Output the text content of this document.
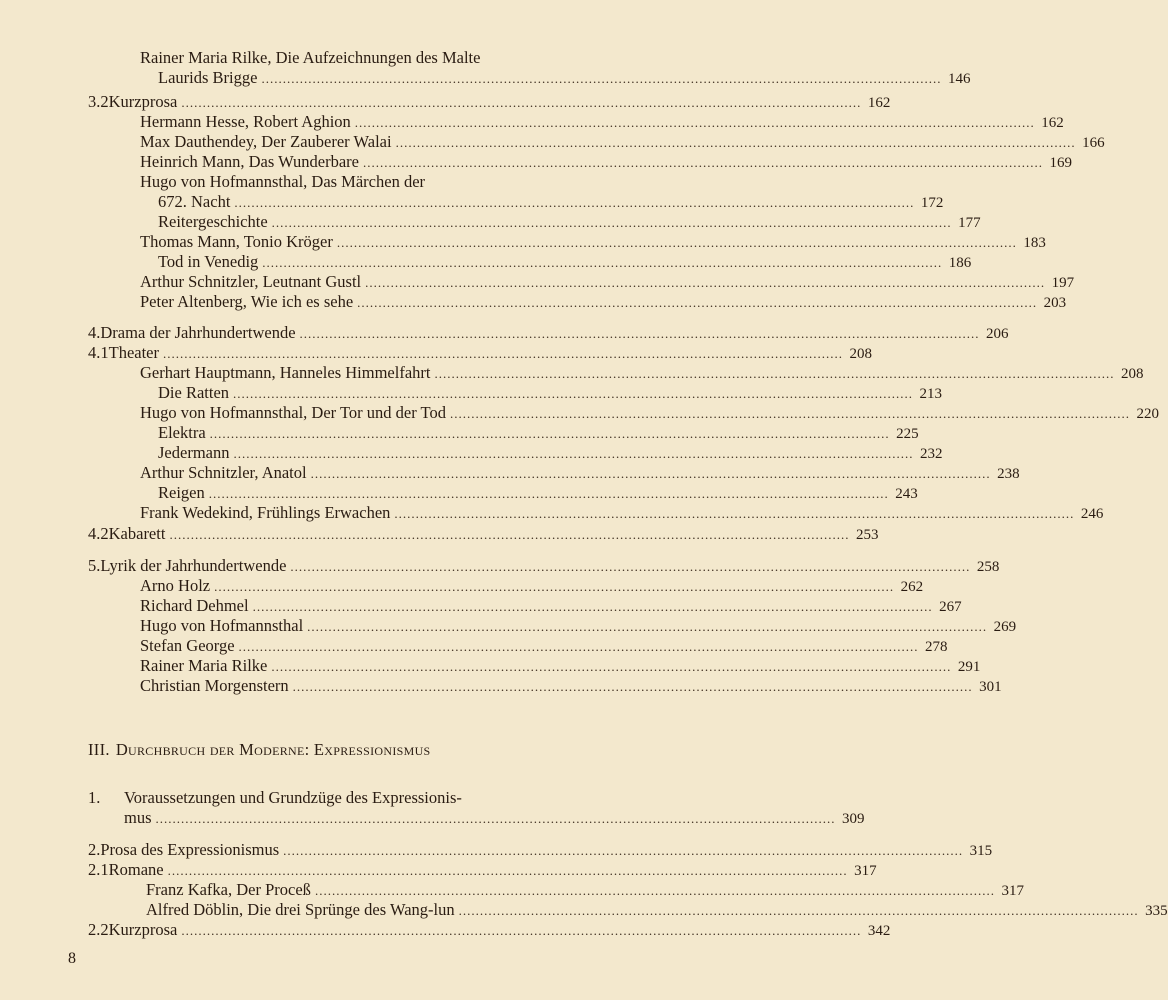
Rainer Maria Rilke, Die Aufzeichnungen des Malte
Laurids Brigge ................................................................................................................................................................ 146
3.2 Kurzprosa ................................................................................................................................................................ 162
Hermann Hesse, Robert Aghion ................................................................................................................................................................ 162
Max Dauthendey, Der Zauberer Walai ................................................................................................................................................................ 166
Heinrich Mann, Das Wunderbare ................................................................................................................................................................ 169
Hugo von Hofmannsthal, Das Märchen der
672. Nacht ................................................................................................................................................................ 172
Reitergeschichte ................................................................................................................................................................ 177
Thomas Mann, Tonio Kröger ................................................................................................................................................................ 183
Tod in Venedig ................................................................................................................................................................ 186
Arthur Schnitzler, Leutnant Gustl ................................................................................................................................................................ 197
Peter Altenberg, Wie ich es sehe ................................................................................................................................................................ 203
4. Drama der Jahrhundertwende ................................................................................................................................................................ 206
4.1 Theater ................................................................................................................................................................ 208
Gerhart Hauptmann, Hanneles Himmelfahrt ................................................................................................................................................................ 208
Die Ratten ................................................................................................................................................................ 213
Hugo von Hofmannsthal, Der Tor und der Tod ................................................................................................................................................................ 220
Elektra ................................................................................................................................................................ 225
Jedermann ................................................................................................................................................................ 232
Arthur Schnitzler, Anatol ................................................................................................................................................................ 238
Reigen ................................................................................................................................................................ 243
Frank Wedekind, Frühlings Erwachen ................................................................................................................................................................ 246
4.2 Kabarett ................................................................................................................................................................ 253
5. Lyrik der Jahrhundertwende ................................................................................................................................................................ 258
Arno Holz ................................................................................................................................................................ 262
Richard Dehmel ................................................................................................................................................................ 267
Hugo von Hofmannsthal ................................................................................................................................................................ 269
Stefan George ................................................................................................................................................................ 278
Rainer Maria Rilke ................................................................................................................................................................ 291
Christian Morgenstern ................................................................................................................................................................ 301
1.	Voraussetzungen und Grundzüge des Expressionis-
mus ................................................................................................................................................................ 309
2. Prosa des Expressionismus ................................................................................................................................................................ 315
2.1 Romane ................................................................................................................................................................ 317
Franz Kafka, Der Proceß ................................................................................................................................................................ 317
Alfred Döblin, Die drei Sprünge des Wang-lun ................................................................................................................................................................ 335
2.2 Kurzprosa ................................................................................................................................................................ 342
III. Durchbruch der Moderne: Expressionismus
8
